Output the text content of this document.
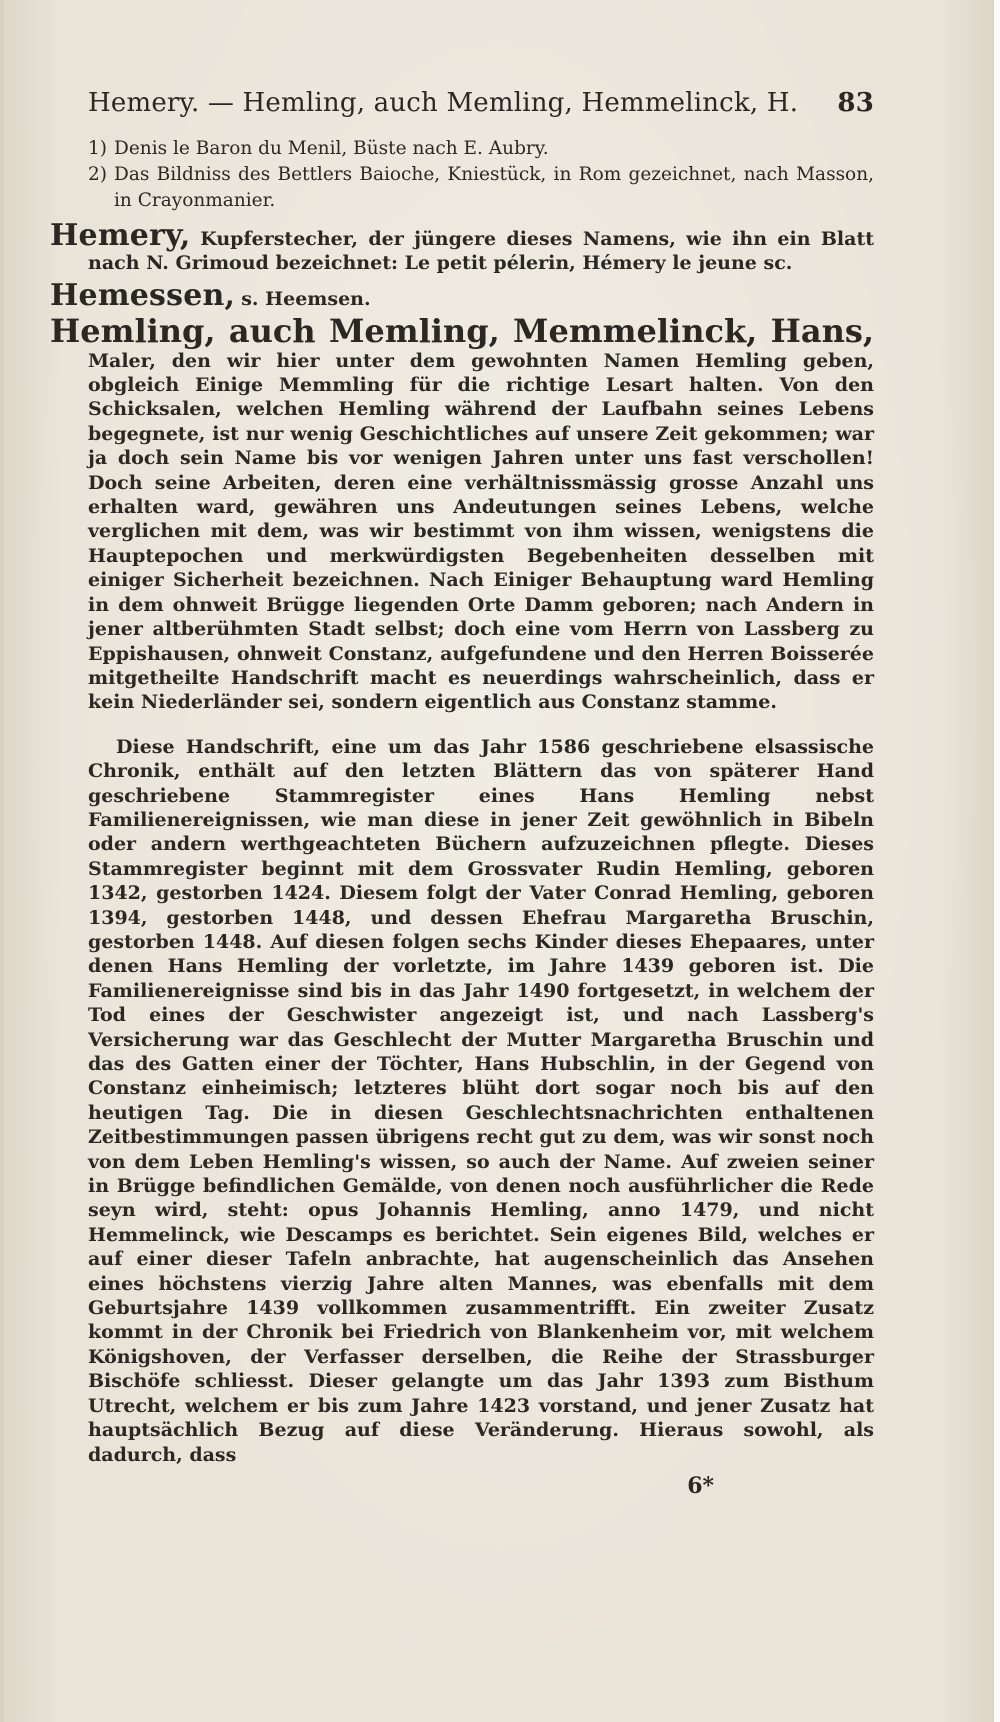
Hemery. — Hemling, auch Memling, Hemmelinck, H. 83
1) Denis le Baron du Menil, Büste nach E. Aubry.
2) Das Bildniss des Bettlers Baioche, Kniestück, in Rom gezeichnet, nach Masson, in Crayonmanier.
Hemery, Kupferstecher, der jüngere dieses Namens, wie ihn ein Blatt nach N. Grimoud bezeichnet: Le petit pélerin, Hémery le jeune sc.
Hemessen, s. Heemsen.
Hemling, auch Memling, Memmelinck, Hans, Maler, den wir hier unter dem gewohnten Namen Hemling geben, obgleich Einige Memmling für die richtige Lesart halten. Von den Schicksalen, welchen Hemling während der Laufbahn seines Lebens begegnete, ist nur wenig Geschichtliches auf unsere Zeit gekommen; war ja doch sein Name bis vor wenigen Jahren unter uns fast verschollen! Doch seine Arbeiten, deren eine verhältnissmässig grosse Anzahl uns erhalten ward, gewähren uns Andeutungen seines Lebens, welche verglichen mit dem, was wir bestimmt von ihm wissen, wenigstens die Hauptepochen und merkwürdigsten Begebenheiten desselben mit einiger Sicherheit bezeichnen. Nach Einiger Behauptung ward Hemling in dem ohnweit Brügge liegenden Orte Damm geboren; nach Andern in jener altberühmten Stadt selbst; doch eine vom Herrn von Lassberg zu Eppishausen, ohnweit Constanz, aufgefundene und den Herren Boisserée mitgetheilte Handschrift macht es neuerdings wahrscheinlich, dass er kein Niederländer sei, sondern eigentlich aus Constanz stamme.
Diese Handschrift, eine um das Jahr 1586 geschriebene elsassische Chronik, enthält auf den letzten Blättern das von späterer Hand geschriebene Stammregister eines Hans Hemling nebst Familienereignissen, wie man diese in jener Zeit gewöhnlich in Bibeln oder andern werthgeachteten Büchern aufzuzeichnen pflegte. Dieses Stammregister beginnt mit dem Grossvater Rudin Hemling, geboren 1342, gestorben 1424. Diesem folgt der Vater Conrad Hemling, geboren 1394, gestorben 1448, und dessen Ehefrau Margaretha Bruschin, gestorben 1448. Auf diesen folgen sechs Kinder dieses Ehepaares, unter denen Hans Hemling der vorletzte, im Jahre 1439 geboren ist. Die Familienereignisse sind bis in das Jahr 1490 fortgesetzt, in welchem der Tod eines der Geschwister angezeigt ist, und nach Lassberg's Versicherung war das Geschlecht der Mutter Margaretha Bruschin und das des Gatten einer der Töchter, Hans Hubschlin, in der Gegend von Constanz einheimisch; letzteres blüht dort sogar noch bis auf den heutigen Tag. Die in diesen Geschlechtsnachrichten enthaltenen Zeitbestimmungen passen übrigens recht gut zu dem, was wir sonst noch von dem Leben Hemling's wissen, so auch der Name. Auf zweien seiner in Brügge befindlichen Gemälde, von denen noch ausführlicher die Rede seyn wird, steht: opus Johannis Hemling, anno 1479, und nicht Hemmelinck, wie Descamps es berichtet. Sein eigenes Bild, welches er auf einer dieser Tafeln anbrachte, hat augenscheinlich das Ansehen eines höchstens vierzig Jahre alten Mannes, was ebenfalls mit dem Geburtsjahre 1439 vollkommen zusammentrifft. Ein zweiter Zusatz kommt in der Chronik bei Friedrich von Blankenheim vor, mit welchem Königshoven, der Verfasser derselben, die Reihe der Strassburger Bischöfe schliesst. Dieser gelangte um das Jahr 1393 zum Bisthum Utrecht, welchem er bis zum Jahre 1423 vorstand, und jener Zusatz hat hauptsächlich Bezug auf diese Veränderung. Hieraus sowohl, als dadurch, dass
6*
